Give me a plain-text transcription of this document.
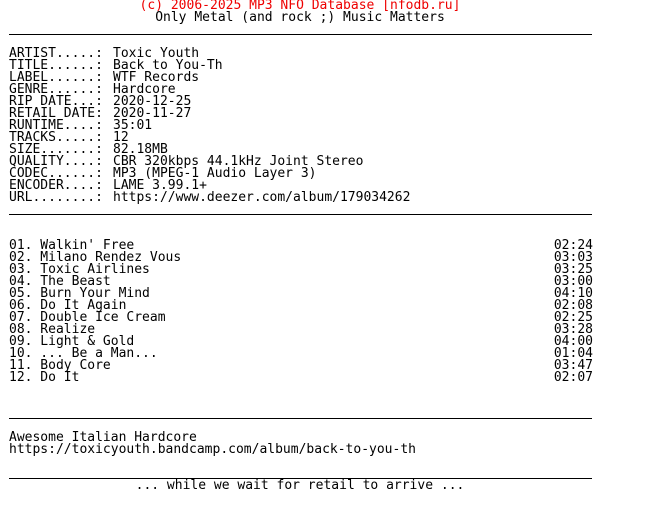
(c) 2006-2025 MP3 NFO Database [nfodb.ru]
Only Metal (and rock ;) Music Matters
ARTIST.....: Toxic Youth
TITLE......: Back to You-Th
LABEL......: WTF Records
GENRE......: Hardcore
RIP DATE...: 2020-12-25
RETAIL DATE: 2020-11-27
RUNTIME....: 35:01
TRACKS.....: 12
SIZE.......: 82.18MB
QUALITY....: CBR 320kbps 44.1kHz Joint Stereo
CODEC......: MP3 (MPEG-1 Audio Layer 3)
ENCODER....: LAME 3.99.1+
URL........: https://www.deezer.com/album/179034262
01. Walkin' Free	02:24
02. Milano Rendez Vous	03:03
03. Toxic Airlines	03:25
04. The Beast	03:00
05. Burn Your Mind	04:10
06. Do It Again	02:08
07. Double Ice Cream	02:25
08. Realize	03:28
09. Light & Gold	04:00
10. ... Be a Man...	01:04
11. Body Core	03:47
12. Do It	02:07
Awesome Italian Hardcore
https://toxicyouth.bandcamp.com/album/back-to-you-th
... while we wait for retail to arrive ...
